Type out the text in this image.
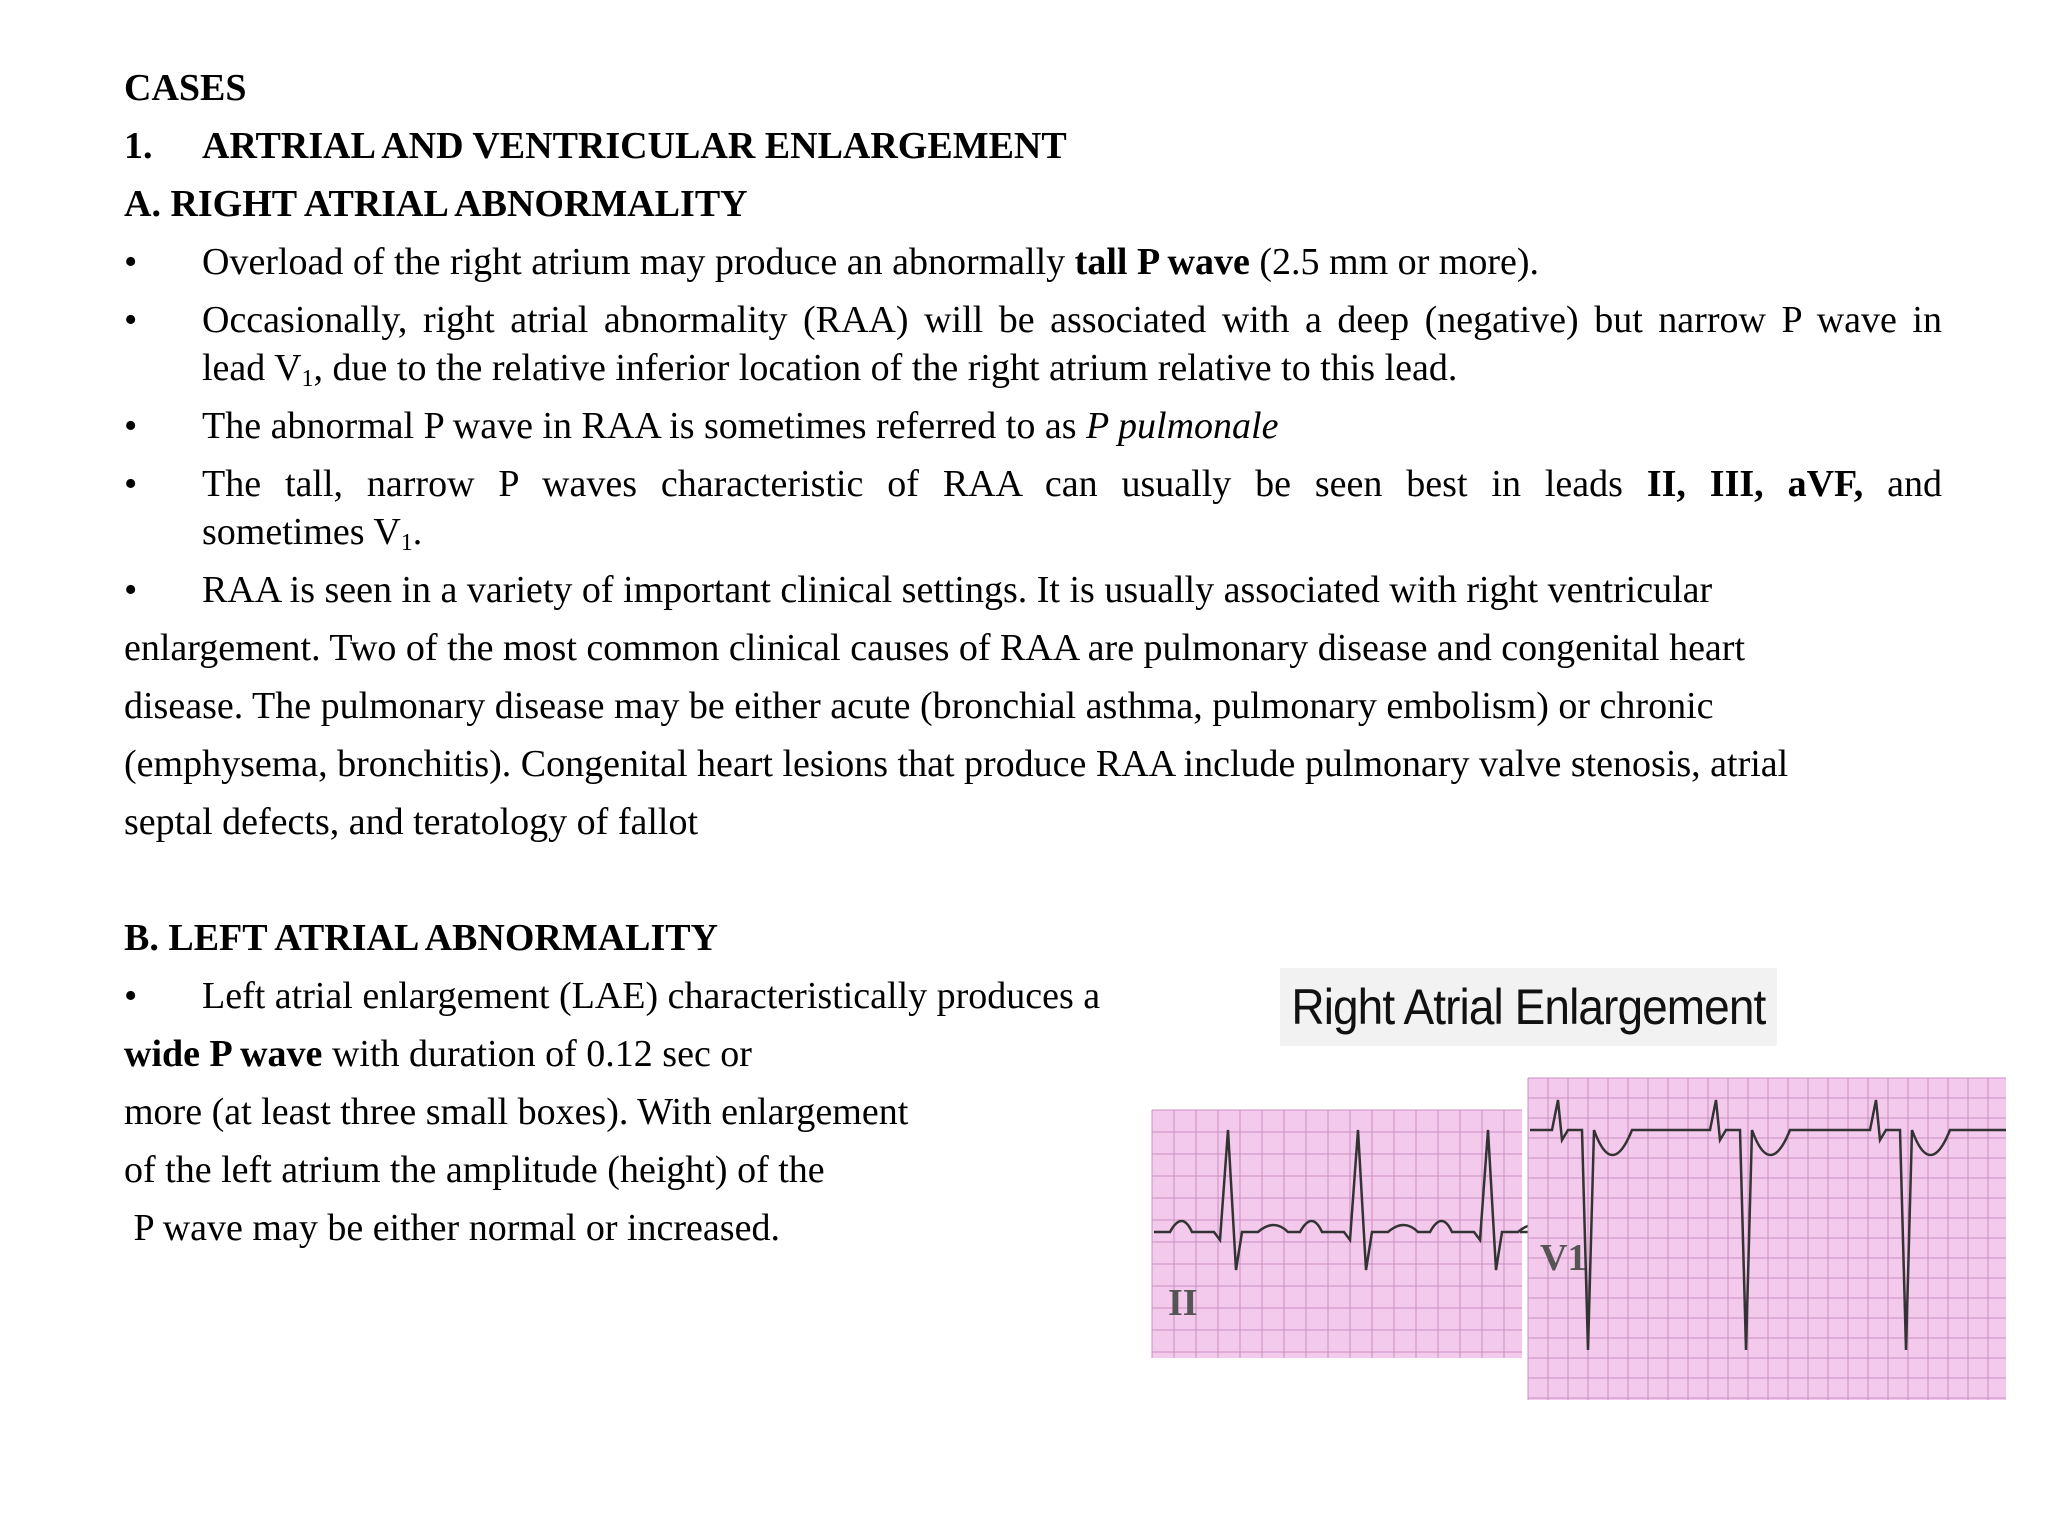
CASES
1. ARTRIAL AND VENTRICULAR ENLARGEMENT
A. RIGHT ATRIAL ABNORMALITY
• Overload of the right atrium may produce an abnormally tall P wave (2.5 mm or more).
• Occasionally, right atrial abnormality (RAA) will be associated with a deep (negative) but narrow P wave in
lead $V_1$, due to the relative inferior location of the right atrium relative to this lead.
• The abnormal P wave in RAA is sometimes referred to as P pulmonale
• The tall, narrow P waves characteristic of RAA can usually be seen best in leads II, III, aVF, and
sometimes $V_1$.
• RAA is seen in a variety of important clinical settings. It is usually associated with right ventricular
enlargement. Two of the most common clinical causes of RAA are pulmonary disease and congenital heart
disease. The pulmonary disease may be either acute (bronchial asthma, pulmonary embolism) or chronic
(emphysema, bronchitis). Congenital heart lesions that produce RAA include pulmonary valve stenosis, atrial
septal defects, and teratology of fallot
B. LEFT ATRIAL ABNORMALITY
• Left atrial enlargement (LAE) characteristically produces a
wide P wave with duration of 0.12 sec or
more (at least three small boxes). With enlargement
of the left atrium the amplitude (height) of the
P wave may be either normal or increased.
Right Atrial Enlargement
II
V1
